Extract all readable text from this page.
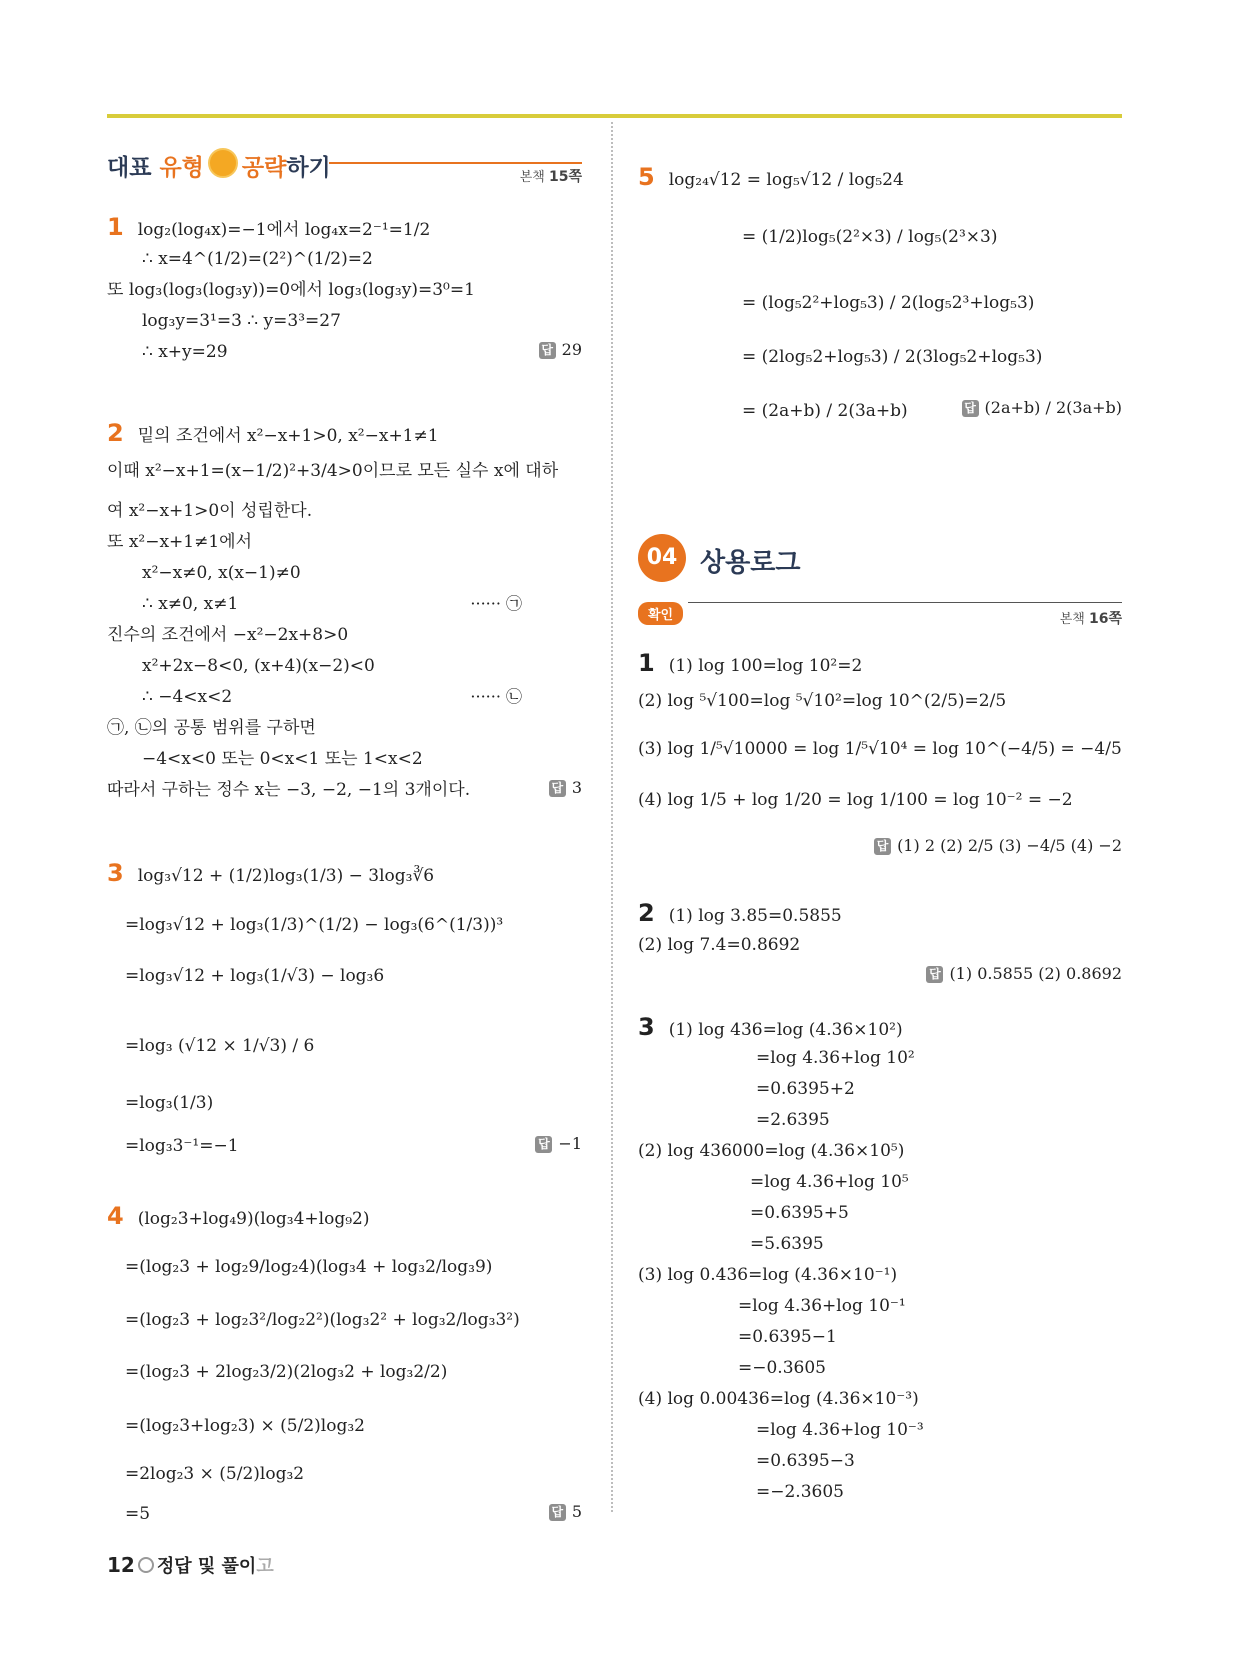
대표 유형 공략하기	본책 15쪽
1 log₂(log₄x)=−1에서 log₄x=2⁻¹=1/2
∴ x=4^(1/2)=(2²)^(1/2)=2
또 log₃(log₃(log₃y))=0에서 log₃(log₃y)=3⁰=1
log₃y=3¹=3 ∴ y=3³=27
∴ x+y=29	답 29
2 밑의 조건에서 x²−x+1>0, x²−x+1≠1
이때 x²−x+1=(x−1/2)²+3/4>0이므로 모든 실수 x에 대하
여 x²−x+1>0이 성립한다.
또 x²−x+1≠1에서
x²−x≠0, x(x−1)≠0
∴ x≠0, x≠1	······ ㉠
진수의 조건에서 −x²−2x+8>0
x²+2x−8<0, (x+4)(x−2)<0
∴ −4<x<2	······ ㉡
㉠, ㉡의 공통 범위를 구하면
−4<x<0 또는 0<x<1 또는 1<x<2
따라서 구하는 정수 x는 −3, −2, −1의 3개이다.	답 3
3 log₃√12 + (1/2)log₃(1/3) − 3log₃∛6
=log₃√12 + log₃(1/3)^(1/2) − log₃(6^(1/3))³
=log₃√12 + log₃(1/√3) − log₃6
=log₃ (√12 × 1/√3) / 6
=log₃(1/3)
=log₃3⁻¹=−1	답 −1
4 (log₂3+log₄9)(log₃4+log₉2)
=(log₂3 + log₂9/log₂4)(log₃4 + log₃2/log₃9)
=(log₂3 + log₂3²/log₂2²)(log₃2² + log₃2/log₃3²)
=(log₂3 + 2log₂3/2)(2log₃2 + log₃2/2)
=(log₂3+log₂3) × (5/2)log₃2
=2log₂3 × (5/2)log₃2
=5	답 5
5 log₂₄√12 = log₅√12 / log₅24
= (1/2)log₅(2²×3) / log₅(2³×3)
= (log₅2²+log₅3) / 2(log₅2³+log₅3)
= (2log₅2+log₅3) / 2(3log₅2+log₅3)
= (2a+b) / 2(3a+b)	답 (2a+b) / 2(3a+b)
04 상용로그
확인	본책 16쪽
1 (1) log 100=log 10²=2
(2) log ⁵√100=log ⁵√10²=log 10^(2/5)=2/5
(3) log 1/⁵√10000 = log 1/⁵√10⁴ = log 10^(−4/5) = −4/5
(4) log 1/5 + log 1/20 = log 1/100 = log 10⁻² = −2
답 (1) 2 (2) 2/5 (3) −4/5 (4) −2
2 (1) log 3.85=0.5855
(2) log 7.4=0.8692
답 (1) 0.5855 (2) 0.8692
3 (1) log 436=log (4.36×10²)
=log 4.36+log 10²
=0.6395+2
=2.6395
(2) log 436000=log (4.36×10⁵)
=log 4.36+log 10⁵
=0.6395+5
=5.6395
(3) log 0.436=log (4.36×10⁻¹)
=log 4.36+log 10⁻¹
=0.6395−1
=−0.3605
(4) log 0.00436=log (4.36×10⁻³)
=log 4.36+log 10⁻³
=0.6395−3
=−2.3605
12 정답 및 풀이고
